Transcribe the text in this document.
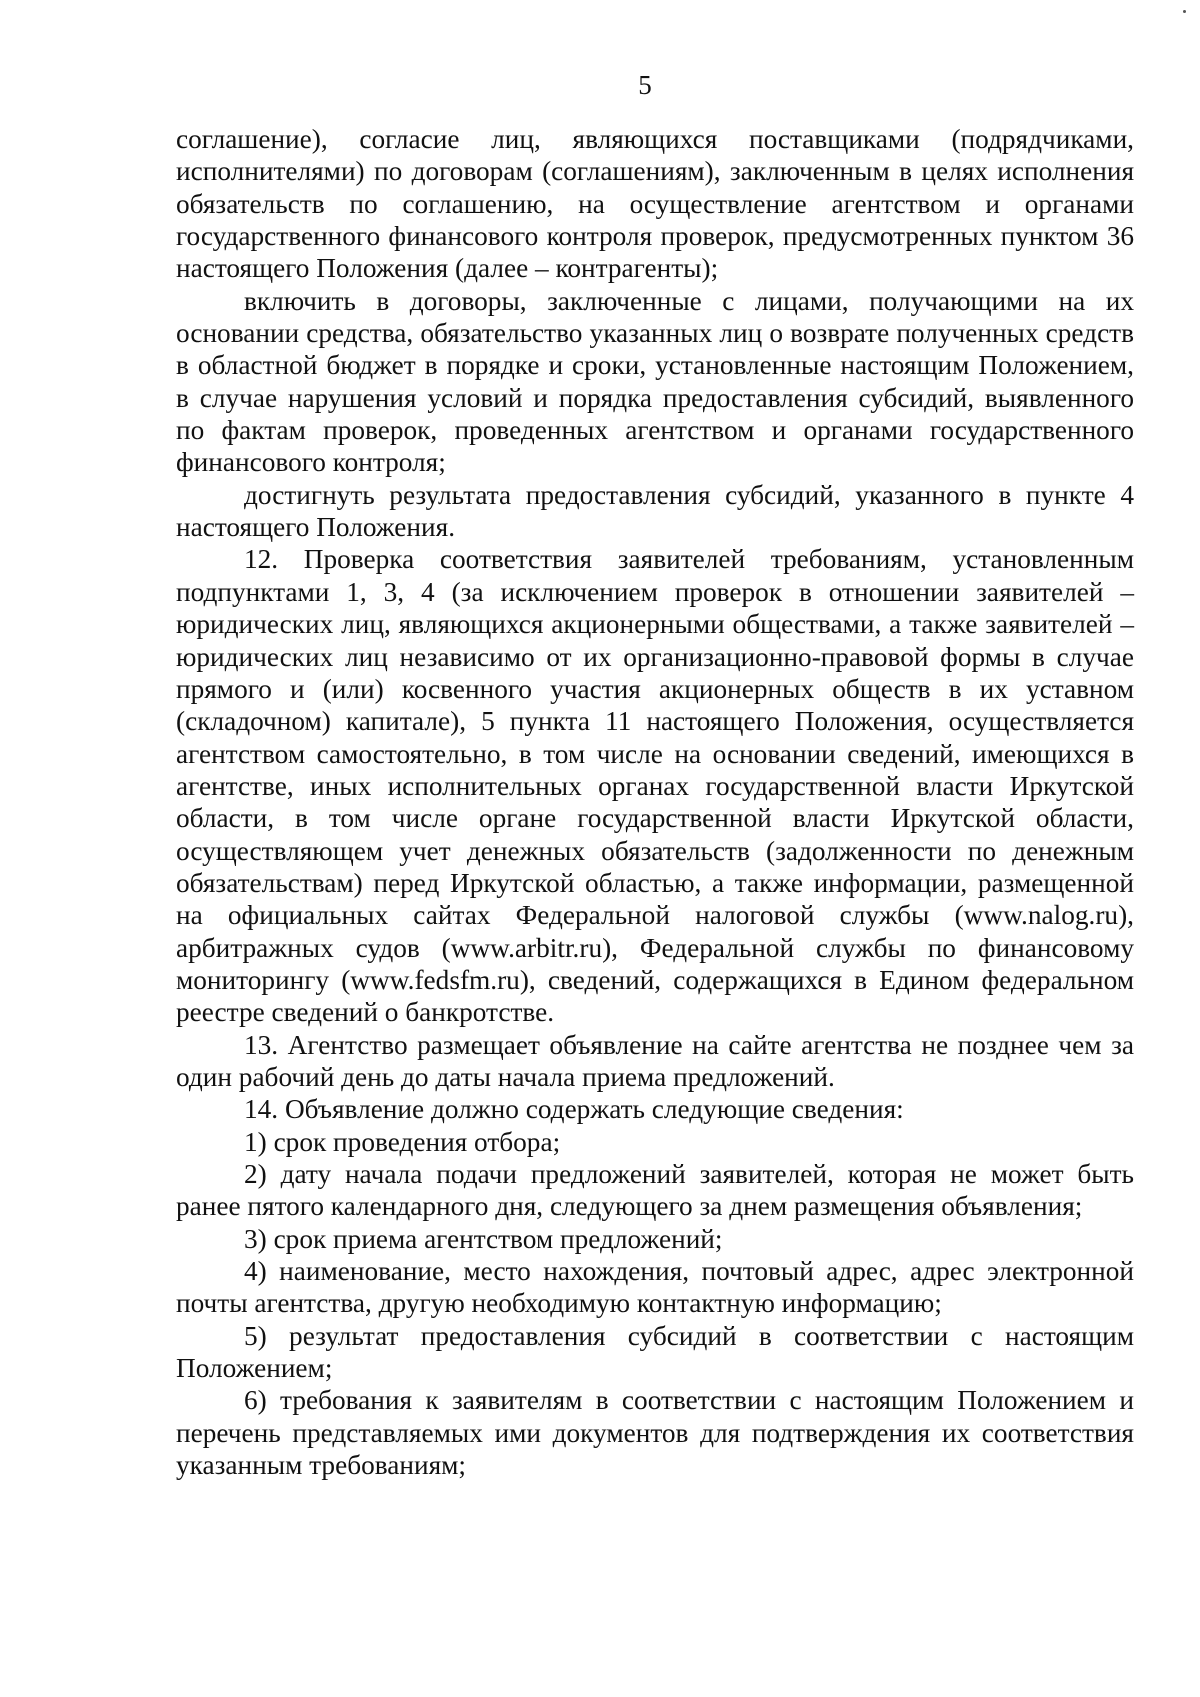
5

соглашение), согласие лиц, являющихся поставщиками (подрядчиками, исполнителями) по договорам (соглашениям), заключенным в целях исполнения обязательств по соглашению, на осуществление агентством и органами государственного финансового контроля проверок, предусмотренных пунктом 36 настоящего Положения (далее – контрагенты);

включить в договоры, заключенные с лицами, получающими на их основании средства, обязательство указанных лиц о возврате полученных средств в областной бюджет в порядке и сроки, установленные настоящим Положением, в случае нарушения условий и порядка предоставления субсидий, выявленного по фактам проверок, проведенных агентством и органами государственного финансового контроля;

достигнуть результата предоставления субсидий, указанного в пункте 4 настоящего Положения.

12. Проверка соответствия заявителей требованиям, установленным подпунктами 1, 3, 4 (за исключением проверок в отношении заявителей – юридических лиц, являющихся акционерными обществами, а также заявителей – юридических лиц независимо от их организационно-правовой формы в случае прямого и (или) косвенного участия акционерных обществ в их уставном (складочном) капитале), 5 пункта 11 настоящего Положения, осуществляется агентством самостоятельно, в том числе на основании сведений, имеющихся в агентстве, иных исполнительных органах государственной власти Иркутской области, в том числе органе государственной власти Иркутской области, осуществляющем учет денежных обязательств (задолженности по денежным обязательствам) перед Иркутской областью, а также информации, размещенной на официальных сайтах Федеральной налоговой службы (www.nalog.ru), арбитражных судов (www.arbitr.ru), Федеральной службы по финансовому мониторингу (www.fedsfm.ru), сведений, содержащихся в Едином федеральном реестре сведений о банкротстве.

13. Агентство размещает объявление на сайте агентства не позднее чем за один рабочий день до даты начала приема предложений.

14. Объявление должно содержать следующие сведения:

1) срок проведения отбора;

2) дату начала подачи предложений заявителей, которая не может быть ранее пятого календарного дня, следующего за днем размещения объявления;

3) срок приема агентством предложений;

4) наименование, место нахождения, почтовый адрес, адрес электронной почты агентства, другую необходимую контактную информацию;

5) результат предоставления субсидий в соответствии с настоящим Положением;

6) требования к заявителям в соответствии с настоящим Положением и перечень представляемых ими документов для подтверждения их соответствия указанным требованиям;
